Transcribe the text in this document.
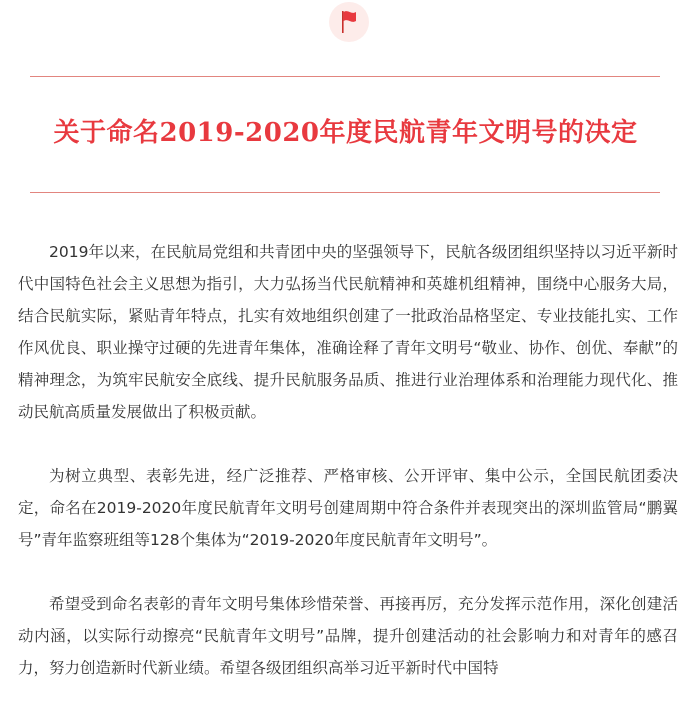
关于命名2019-2020年度民航青年文明号的决定

2019年以来，在民航局党组和共青团中央的坚强领导下，民航各级团组织坚持以习近平新时代中国特色社会主义思想为指引，大力弘扬当代民航精神和英雄机组精神，围绕中心服务大局，结合民航实际，紧贴青年特点，扎实有效地组织创建了一批政治品格坚定、专业技能扎实、工作作风优良、职业操守过硬的先进青年集体，准确诠释了青年文明号“敬业、协作、创优、奉献”的精神理念，为筑牢民航安全底线、提升民航服务品质、推进行业治理体系和治理能力现代化、推动民航高质量发展做出了积极贡献。

为树立典型、表彰先进，经广泛推荐、严格审核、公开评审、集中公示，全国民航团委决定，命名在2019-2020年度民航青年文明号创建周期中符合条件并表现突出的深圳监管局“鹏翼号”青年监察班组等128个集体为“2019-2020年度民航青年文明号”。

希望受到命名表彰的青年文明号集体珍惜荣誉、再接再厉，充分发挥示范作用，深化创建活动内涵，以实际行动擦亮“民航青年文明号”品牌，提升创建活动的社会影响力和对青年的感召力，努力创造新时代新业绩。希望各级团组织高举习近平新时代中国特
